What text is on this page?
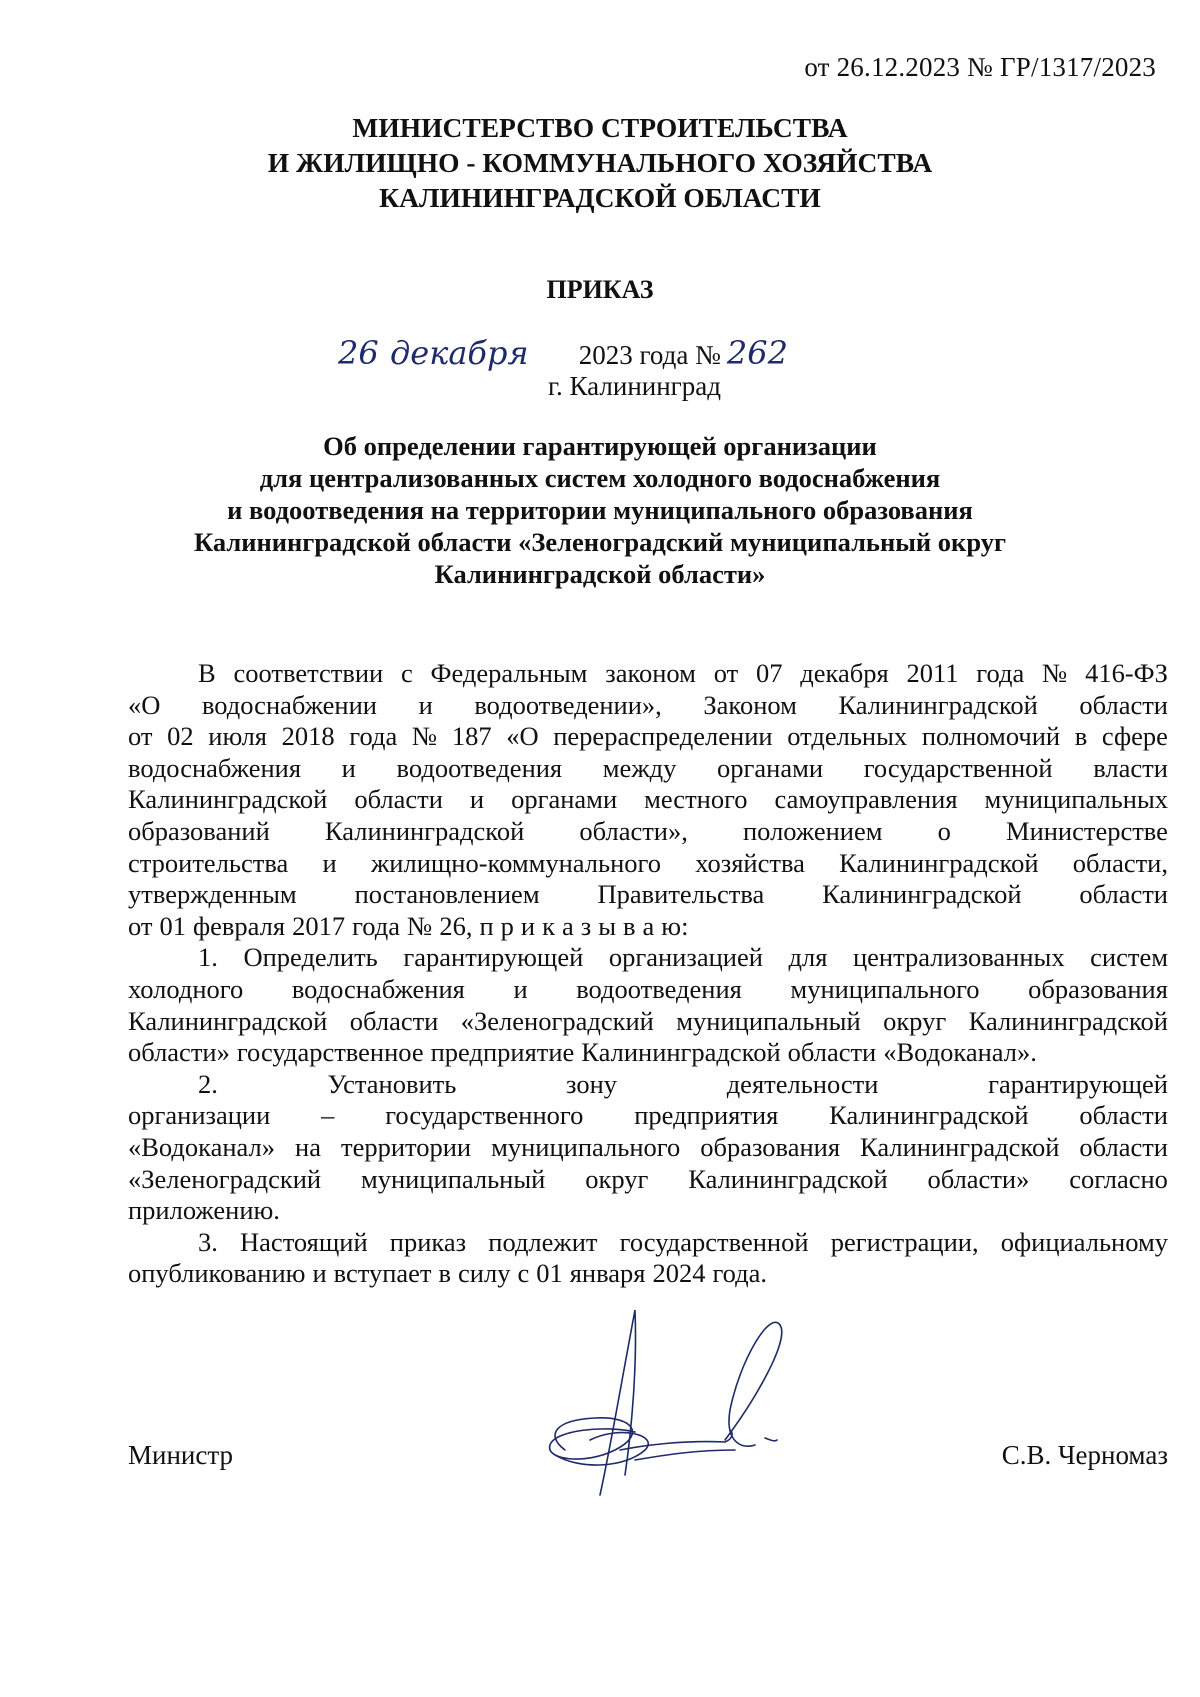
от 26.12.2023 № ГР/1317/2023
МИНИСТЕРСТВО СТРОИТЕЛЬСТВА
И ЖИЛИЩНО - КОММУНАЛЬНОГО ХОЗЯЙСТВА
КАЛИНИНГРАДСКОЙ ОБЛАСТИ
ПРИКАЗ
26 декабря 2023 года № 262
г. Калининград
Об определении гарантирующей организации
для централизованных систем холодного водоснабжения
и водоотведения на территории муниципального образования
Калининградской области «Зеленоградский муниципальный округ
Калининградской области»
В соответствии с Федеральным законом от 07 декабря 2011 года № 416-ФЗ
«О водоснабжении и водоотведении», Законом Калининградской области
от 02 июля 2018 года № 187 «О перераспределении отдельных полномочий в сфере
водоснабжения и водоотведения между органами государственной власти
Калининградской области и органами местного самоуправления муниципальных
образований Калининградской области», положением о Министерстве
строительства и жилищно-коммунального хозяйства Калининградской области,
утвержденным постановлением Правительства Калининградской области
от 01 февраля 2017 года № 26, п р и к а з ы в а ю:
1. Определить гарантирующей организацией для централизованных систем
холодного водоснабжения и водоотведения муниципального образования
Калининградской области «Зеленоградский муниципальный округ Калининградской
области» государственное предприятие Калининградской области «Водоканал».
2.	Установить	зону	деятельности	гарантирующей
организации – государственного предприятия Калининградской области
«Водоканал» на территории муниципального образования Калининградской области
«Зеленоградский муниципальный округ Калининградской области» согласно
приложению.
3. Настоящий приказ подлежит государственной регистрации, официальному
опубликованию и вступает в силу с 01 января 2024 года.
Министр	С.В. Черномаз
